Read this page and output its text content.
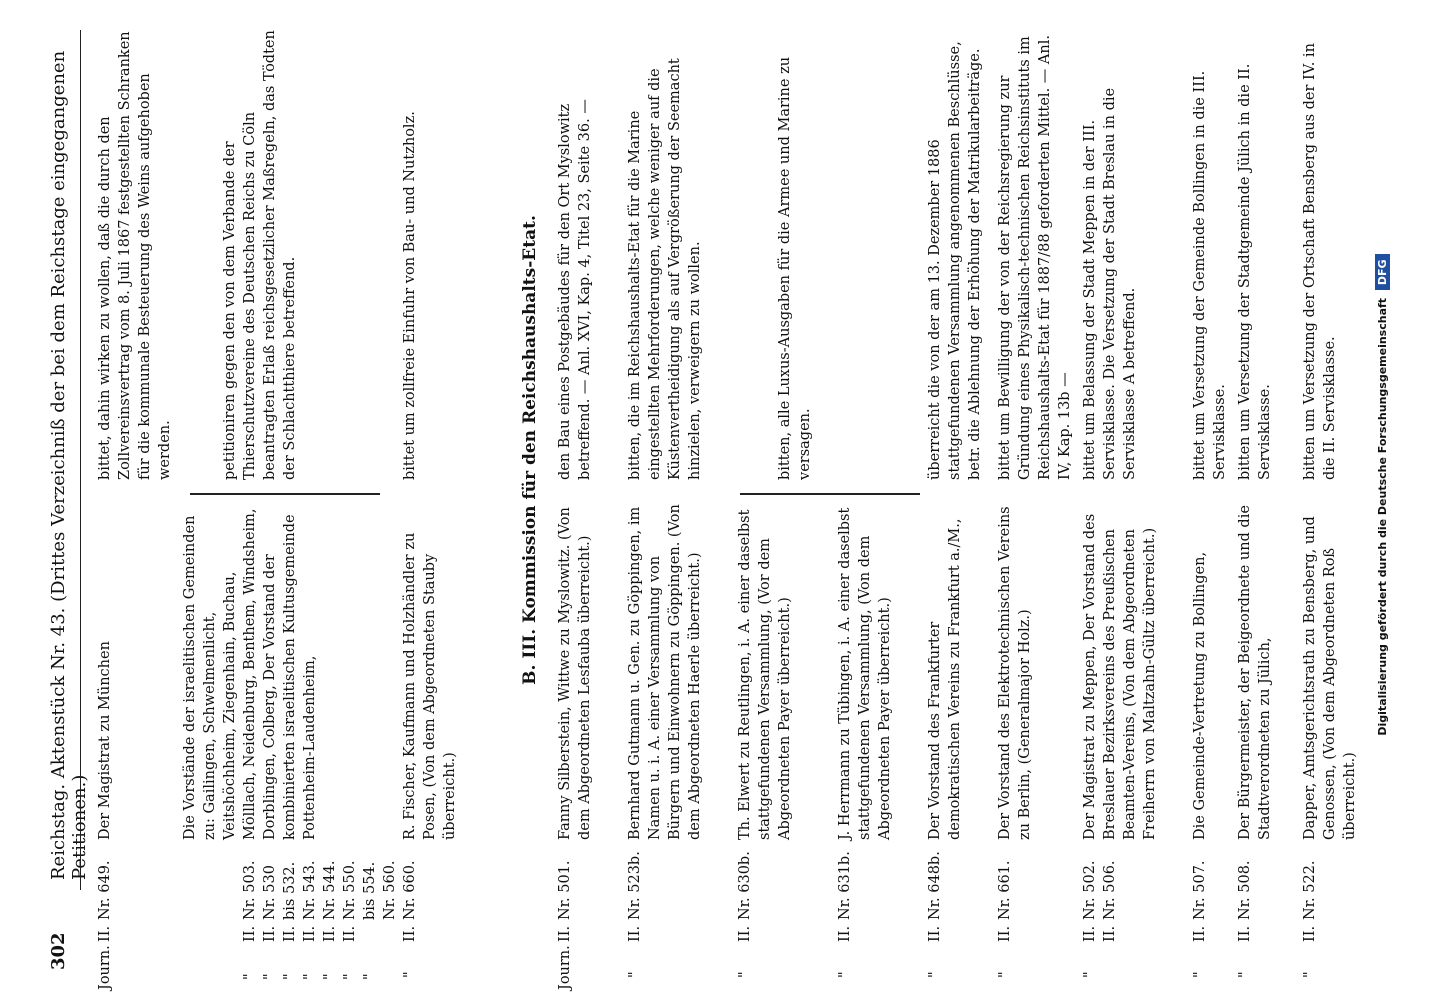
302
Reichstag. Aktenstück Nr. 43. (Drittes Verzeichniß der bei dem Reichstage eingegangenen Petitionen.)
Journ.
II.
Nr. 649.
Der Magistrat zu München
bittet, dahin wirken zu wollen, daß die durch den Zollvereinsvertrag vom 8. Juli 1867 festgestellten Schranken für die kommunale Besteuerung des Weins aufgehoben werden.
" " " " " " "
II. II. II. II. II. II.
Nr. 503. Nr. 530 bis 532. Nr. 543. Nr. 544. Nr. 550. bis 554. Nr. 560.
Die Vorstände der israelitischen Gemeinden zu: Gailingen, Schwelmenlicht, Veitshöchheim, Ziegenhain, Buchau, Mölllach, Neidenburg, Benthem, Windsheim, Dorblingen, Colberg, Der Vorstand der kombinierten israelitischen Kultusgemeinde Pottenheim-Laudenheim,
petitioniren gegen den von dem Verbande der Thierschutzvereine des Deutschen Reichs zu Cöln beantragten Erlaß reichsgesetzlicher Maßregeln, das Tödten der Schlachtthiere betreffend.
"
II.
Nr. 660.
R. Fischer, Kaufmann und Holzhändler zu Posen, (Von dem Abgeordneten Stauby überreicht.)
bittet um zollfreie Einfuhr von Bau- und Nutzholz.	B. III. Kommission für den Reichshaushalts-Etat.
Journ.
II.
Nr. 501.
Fanny Silberstein, Wittwe zu Myslowitz. (Von dem Abgeordneten Lesfauba überreicht.)
den Bau eines Postgebäudes für den Ort Myslowitz betreffend. — Anl. XVI, Kap. 4, Titel 23, Seite 36. —
"
II.
Nr. 523b.
Bernhard Gutmann u. Gen. zu Göppingen, im Namen u. i. A. einer Versammlung von Bürgern und Einwohnern zu Göppingen. (Von dem Abgeordneten Haerle überreicht.)
bitten, die im Reichshaushalts-Etat für die Marine eingestellten Mehrforderungen, welche weniger auf die Küstenvertheidigung als auf Vergrößerung der Seemacht hinzielen, verweigern zu wollen.
"
II.
Nr. 630b.
Th. Elwert zu Reutlingen, i. A. einer daselbst stattgefundenen Versammlung, (Vor dem Abgeordneten Payer überreicht.)
bitten, alle Luxus-Ausgaben für die Armee und Marine zu versagen.
"
II.
Nr. 631b.
J. Herrmann zu Tübingen, i. A. einer daselbst stattgefundenen Versammlung, (Von dem Abgeordneten Payer überreicht.)
"
II.
Nr. 648b.
Der Vorstand des Frankfurter demokratischen Vereins zu Frankfurt a./M.,
überreicht die von der am 13. Dezember 1886 stattgefundenen Versammlung angenommenen Beschlüsse, betr. die Ablehnung der Erhöhung der Matrikularbeiträge.
"
II.
Nr. 661.
Der Vorstand des Elektrotechnischen Vereins zu Berlin, (Generalmajor Holz.)
bittet um Bewilligung der von der Reichsregierung zur Gründung eines Physikalisch-technischen Reichsinstituts im Reichshaushalts-Etat für 1887/88 geforderten Mittel. — Anl. IV, Kap. 13b —
"
II. II.
Nr. 502. Nr. 506.
Der Magistrat zu Meppen, Der Vorstand des Breslauer Bezirksvereins des Preußischen Beamten-Vereins, (Von dem Abgeordneten Freiherrn von Maltzahn-Gültz überreicht.)
bittet um Belassung der Stadt Meppen in der III. Servisklasse. Die Versetzung der Stadt Breslau in die Servisklasse A betreffend.
"
II.
Nr. 507.
Die Gemeinde-Vertretung zu Bollingen,
bittet um Versetzung der Gemeinde Bollingen in die III. Servisklasse.
"
II.
Nr. 508.
Der Bürgermeister, der Beigeordnete und die Stadtverordneten zu Jülich,
bitten um Versetzung der Stadtgemeinde Jülich in die II. Servisklasse.
"
II.
Nr. 522.
Dapper, Amtsgerichtsrath zu Bensberg, und Genossen, (Von dem Abgeordneten Roß überreicht.)
bitten um Versetzung der Ortschaft Bensberg aus der IV. in die II. Servisklasse.	Digitalisierung gefördert durch die Deutsche Forschungsgemeinschaft DFG
